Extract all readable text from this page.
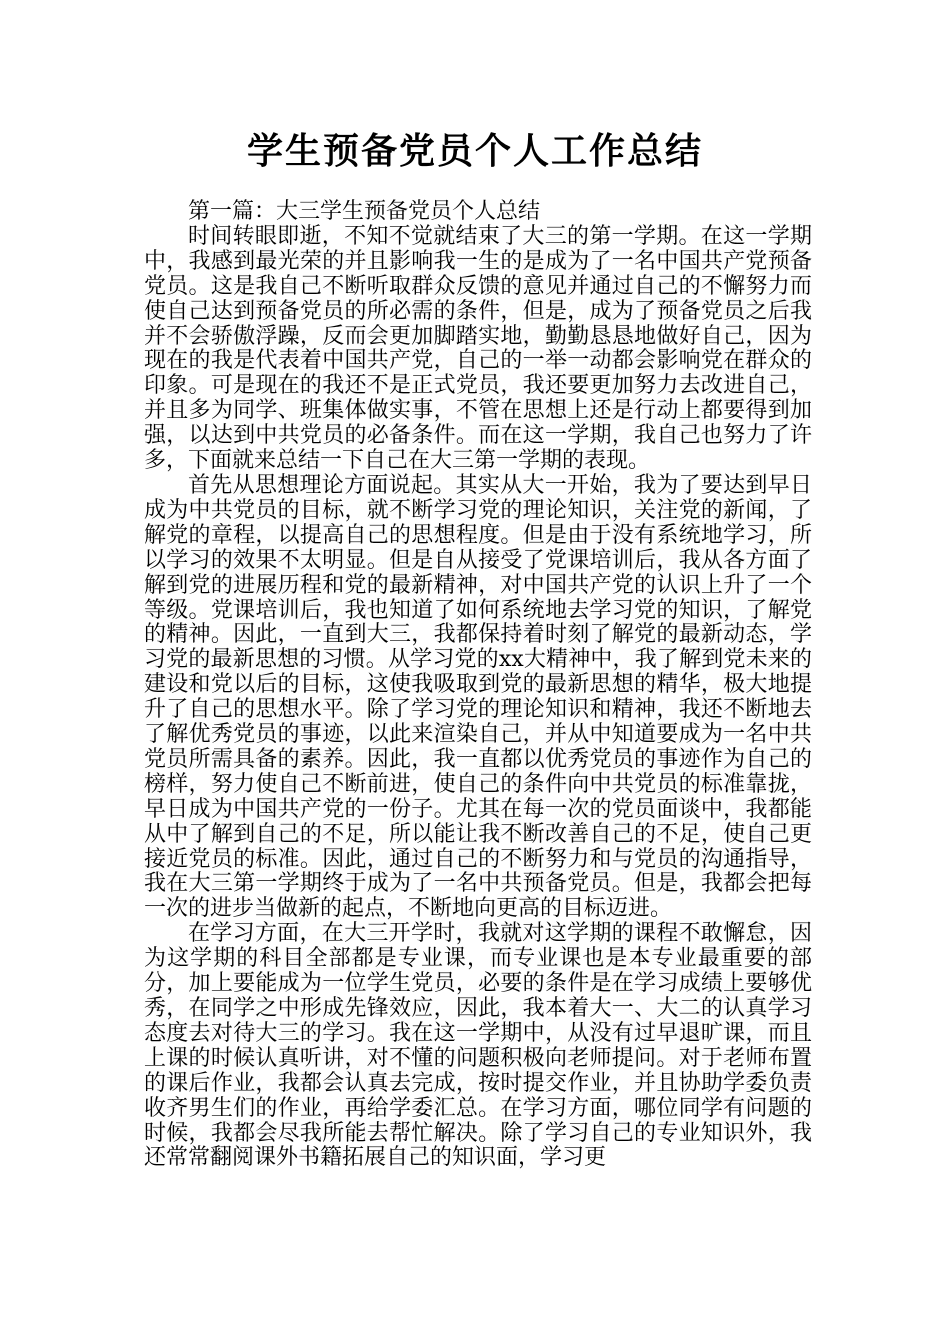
学生预备党员个人工作总结

第一篇：大三学生预备党员个人总结

时间转眼即逝，不知不觉就结束了大三的第一学期。在这一学期中，我感到最光荣的并且影响我一生的是成为了一名中国共产党预备党员。这是我自己不断听取群众反馈的意见并通过自己的不懈努力而使自己达到预备党员的所必需的条件，但是，成为了预备党员之后我并不会骄傲浮躁，反而会更加脚踏实地，勤勤恳恳地做好自己，因为现在的我是代表着中国共产党，自己的一举一动都会影响党在群众的印象。可是现在的我还不是正式党员，我还要更加努力去改进自己，并且多为同学、班集体做实事，不管在思想上还是行动上都要得到加强，以达到中共党员的必备条件。而在这一学期，我自己也努力了许多，下面就来总结一下自己在大三第一学期的表现。

首先从思想理论方面说起。其实从大一开始，我为了要达到早日成为中共党员的目标，就不断学习党的理论知识，关注党的新闻，了解党的章程，以提高自己的思想程度。但是由于没有系统地学习，所以学习的效果不太明显。但是自从接受了党课培训后，我从各方面了解到党的进展历程和党的最新精神，对中国共产党的认识上升了一个等级。党课培训后，我也知道了如何系统地去学习党的知识，了解党的精神。因此，一直到大三，我都保持着时刻了解党的最新动态，学习党的最新思想的习惯。从学习党的xx大精神中，我了解到党未来的建设和党以后的目标，这使我吸取到党的最新思想的精华，极大地提升了自己的思想水平。除了学习党的理论知识和精神，我还不断地去了解优秀党员的事迹，以此来渲染自己，并从中知道要成为一名中共党员所需具备的素养。因此，我一直都以优秀党员的事迹作为自己的榜样，努力使自己不断前进，使自己的条件向中共党员的标准靠拢，早日成为中国共产党的一份子。尤其在每一次的党员面谈中，我都能从中了解到自己的不足，所以能让我不断改善自己的不足，使自己更接近党员的标准。因此，通过自己的不断努力和与党员的沟通指导，我在大三第一学期终于成为了一名中共预备党员。但是，我都会把每一次的进步当做新的起点，不断地向更高的目标迈进。

在学习方面，在大三开学时，我就对这学期的课程不敢懈怠，因为这学期的科目全部都是专业课，而专业课也是本专业最重要的部分，加上要能成为一位学生党员，必要的条件是在学习成绩上要够优秀，在同学之中形成先锋效应，因此，我本着大一、大二的认真学习态度去对待大三的学习。我在这一学期中，从没有过早退旷课，而且上课的时候认真听讲，对不懂的问题积极向老师提问。对于老师布置的课后作业，我都会认真去完成，按时提交作业，并且协助学委负责收齐男生们的作业，再给学委汇总。在学习方面，哪位同学有问题的时候，我都会尽我所能去帮忙解决。除了学习自己的专业知识外，我还常常翻阅课外书籍拓展自己的知识面，学习更
